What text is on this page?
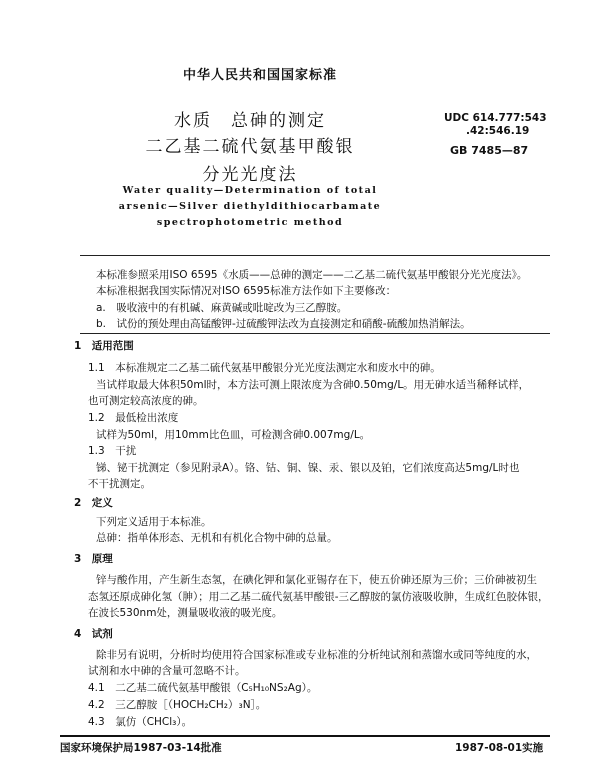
中华人民共和国国家标准
水质　总砷的测定
二乙基二硫代氨基甲酸银
分光光度法
UDC 614.777:543
.42:546.19
GB 7485—87
Water quality—Determination of total
arsenic—Silver diethyldithiocarbamate
spectrophotometric method
本标准参照采用ISO 6595《水质——总砷的测定——二乙基二硫代氨基甲酸银分光光度法》。
本标准根据我国实际情况对ISO 6595标准方法作如下主要修改：
a.　吸收液中的有机碱、麻黄碱或吡啶改为三乙醇胺。
b.　试份的预处理由高锰酸钾-过硫酸钾法改为直接测定和硝酸-硫酸加热消解法。
1　适用范围
1.1　本标准规定二乙基二硫代氨基甲酸银分光光度法测定水和废水中的砷。
当试样取最大体积50ml时，本方法可测上限浓度为含砷0.50mg/L。用无砷水适当稀释试样，
也可测定较高浓度的砷。
1.2　最低检出浓度
试样为50ml，用10mm比色皿，可检测含砷0.007mg/L。
1.3　干扰
锑、铋干扰测定（参见附录A）。铬、钴、铜、镍、汞、银以及铂，它们浓度高达5mg/L时也
不干扰测定。
2　定义
下列定义适用于本标准。
总砷：指单体形态、无机和有机化合物中砷的总量。
3　原理
锌与酸作用，产生新生态氢，在碘化钾和氯化亚锡存在下，使五价砷还原为三价；三价砷被初生
态氢还原成砷化氢（胂）；用二乙基二硫代氨基甲酸银-三乙醇胺的氯仿液吸收胂，生成红色胶体银，
在波长530nm处，测量吸收液的吸光度。
4　试剂
除非另有说明，分析时均使用符合国家标准或专业标准的分析纯试剂和蒸馏水或同等纯度的水，
试剂和水中砷的含量可忽略不计。
4.1　二乙基二硫代氨基甲酸银（C₅H₁₀NS₂Ag）。
4.2　三乙醇胺［（HOCH₂CH₂）₃N］。
4.3　氯仿（CHCl₃）。
国家环境保护局1987-03-14批准	1987-08-01实施
